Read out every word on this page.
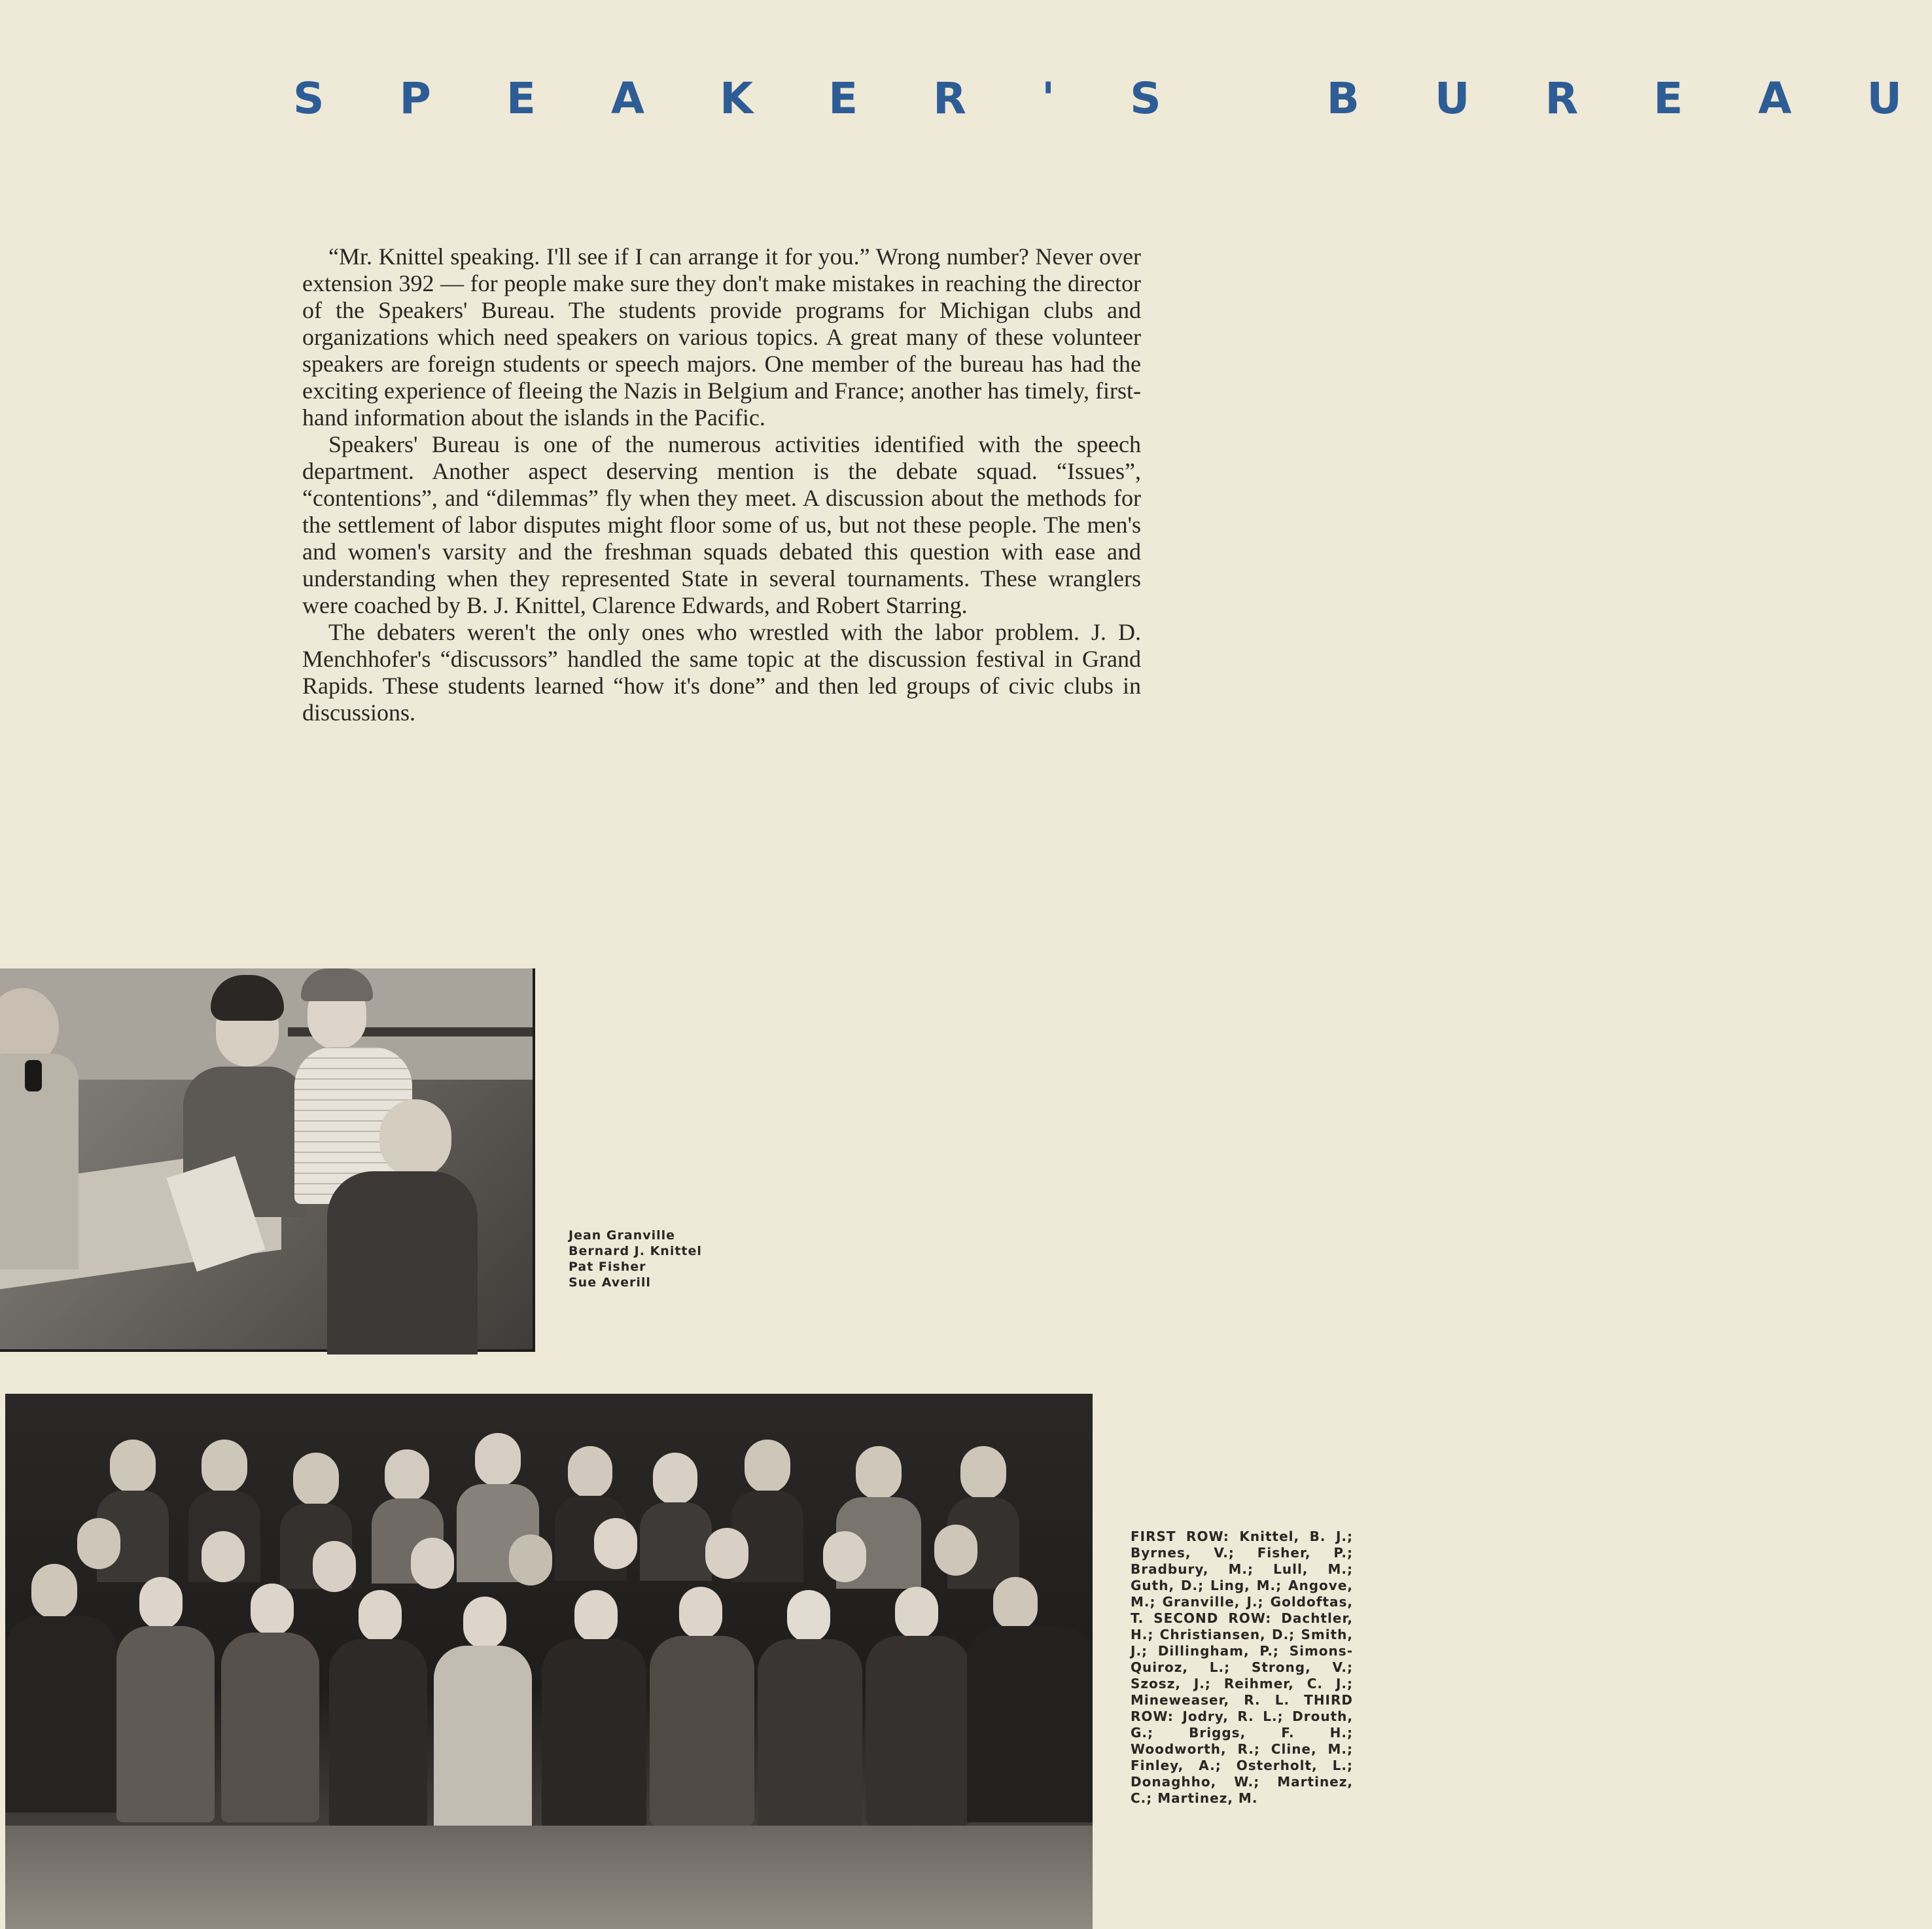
S P E A K E R ' S   B U R E A U

“Mr. Knittel speaking. I'll see if I can arrange it for you.” Wrong number? Never over extension 392 — for people make sure they don't make mistakes in reaching the director of the Speakers' Bureau. The students provide programs for Michigan clubs and organizations which need speakers on various topics. A great many of these volunteer speakers are foreign students or speech majors. One member of the bureau has had the exciting experience of fleeing the Nazis in Belgium and France; another has timely, first-hand information about the islands in the Pacific.

Speakers' Bureau is one of the numerous activities identified with the speech department. Another aspect deserving mention is the debate squad. “Issues”, “contentions”, and “dilemmas” fly when they meet. A discussion about the methods for the settlement of labor disputes might floor some of us, but not these people. The men's and women's varsity and the freshman squads debated this question with ease and understanding when they represented State in several tournaments. These wranglers were coached by B. J. Knittel, Clarence Edwards, and Robert Starring.

The debaters weren't the only ones who wrestled with the labor problem. J. D. Menchhofer's “discussors” handled the same topic at the discussion festival in Grand Rapids. These students learned “how it's done” and then led groups of civic clubs in discussions.

Jean Granville
Bernard J. Knittel
Pat Fisher
Sue Averill
FIRST ROW: Knittel, B. J.; Byrnes, V.; Fisher, P.; Bradbury, M.; Lull, M.; Guth, D.; Ling, M.; Angove, M.; Granville, J.; Goldoftas, T. SECOND ROW: Dachtler, H.; Christiansen, D.; Smith, J.; Dillingham, P.; Simons-Quiroz, L.; Strong, V.; Szosz, J.; Reihmer, C. J.; Mineweaser, R. L. THIRD ROW: Jodry, R. L.; Drouth, G.; Briggs, F. H.; Woodworth, R.; Cline, M.; Finley, A.; Osterholt, L.; Donaghho, W.; Martinez, C.; Martinez, M.
